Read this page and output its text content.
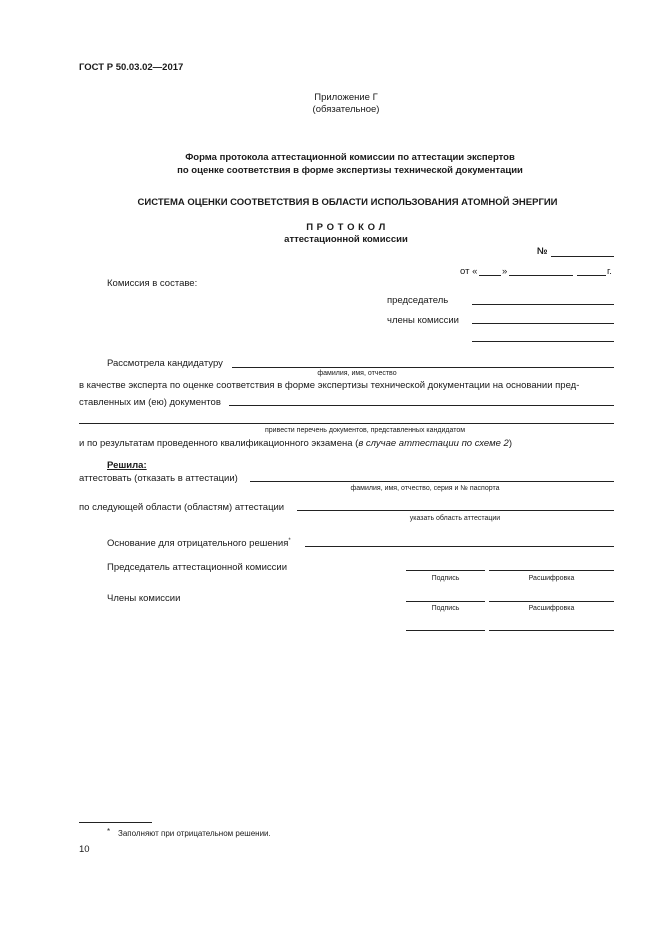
ГОСТ Р 50.03.02—2017
Приложение Г
(обязательное)
Форма протокола аттестационной комиссии по аттестации экспертов
по оценке соответствия в форме экспертизы технической документации
СИСТЕМА ОЦЕНКИ СООТВЕТСТВИЯ В ОБЛАСТИ ИСПОЛЬЗОВАНИЯ АТОМНОЙ ЭНЕРГИИ
П Р О Т О К О Л
аттестационной комиссии
№
от «	»	г.
Комиссия в составе:
председатель
члены комиссии
Рассмотрела кандидатуру
фамилия, имя, отчество
в качестве эксперта по оценке соответствия в форме экспертизы технической документации на основании пред-
ставленных им (ею) документов
привести перечень документов, представленных кандидатом
и по результатам проведенного квалификационного экзамена (в случае аттестации по схеме 2)
Решила:
аттестовать (отказать в аттестации)
фамилия, имя, отчество, серия и № паспорта
по следующей области (областям) аттестации
указать область аттестации
Основание для отрицательного решения*
Председатель аттестационной комиссии
Подпись	Расшифровка
Члены комиссии
Подпись	Расшифровка
* Заполняют при отрицательном решении.
10
